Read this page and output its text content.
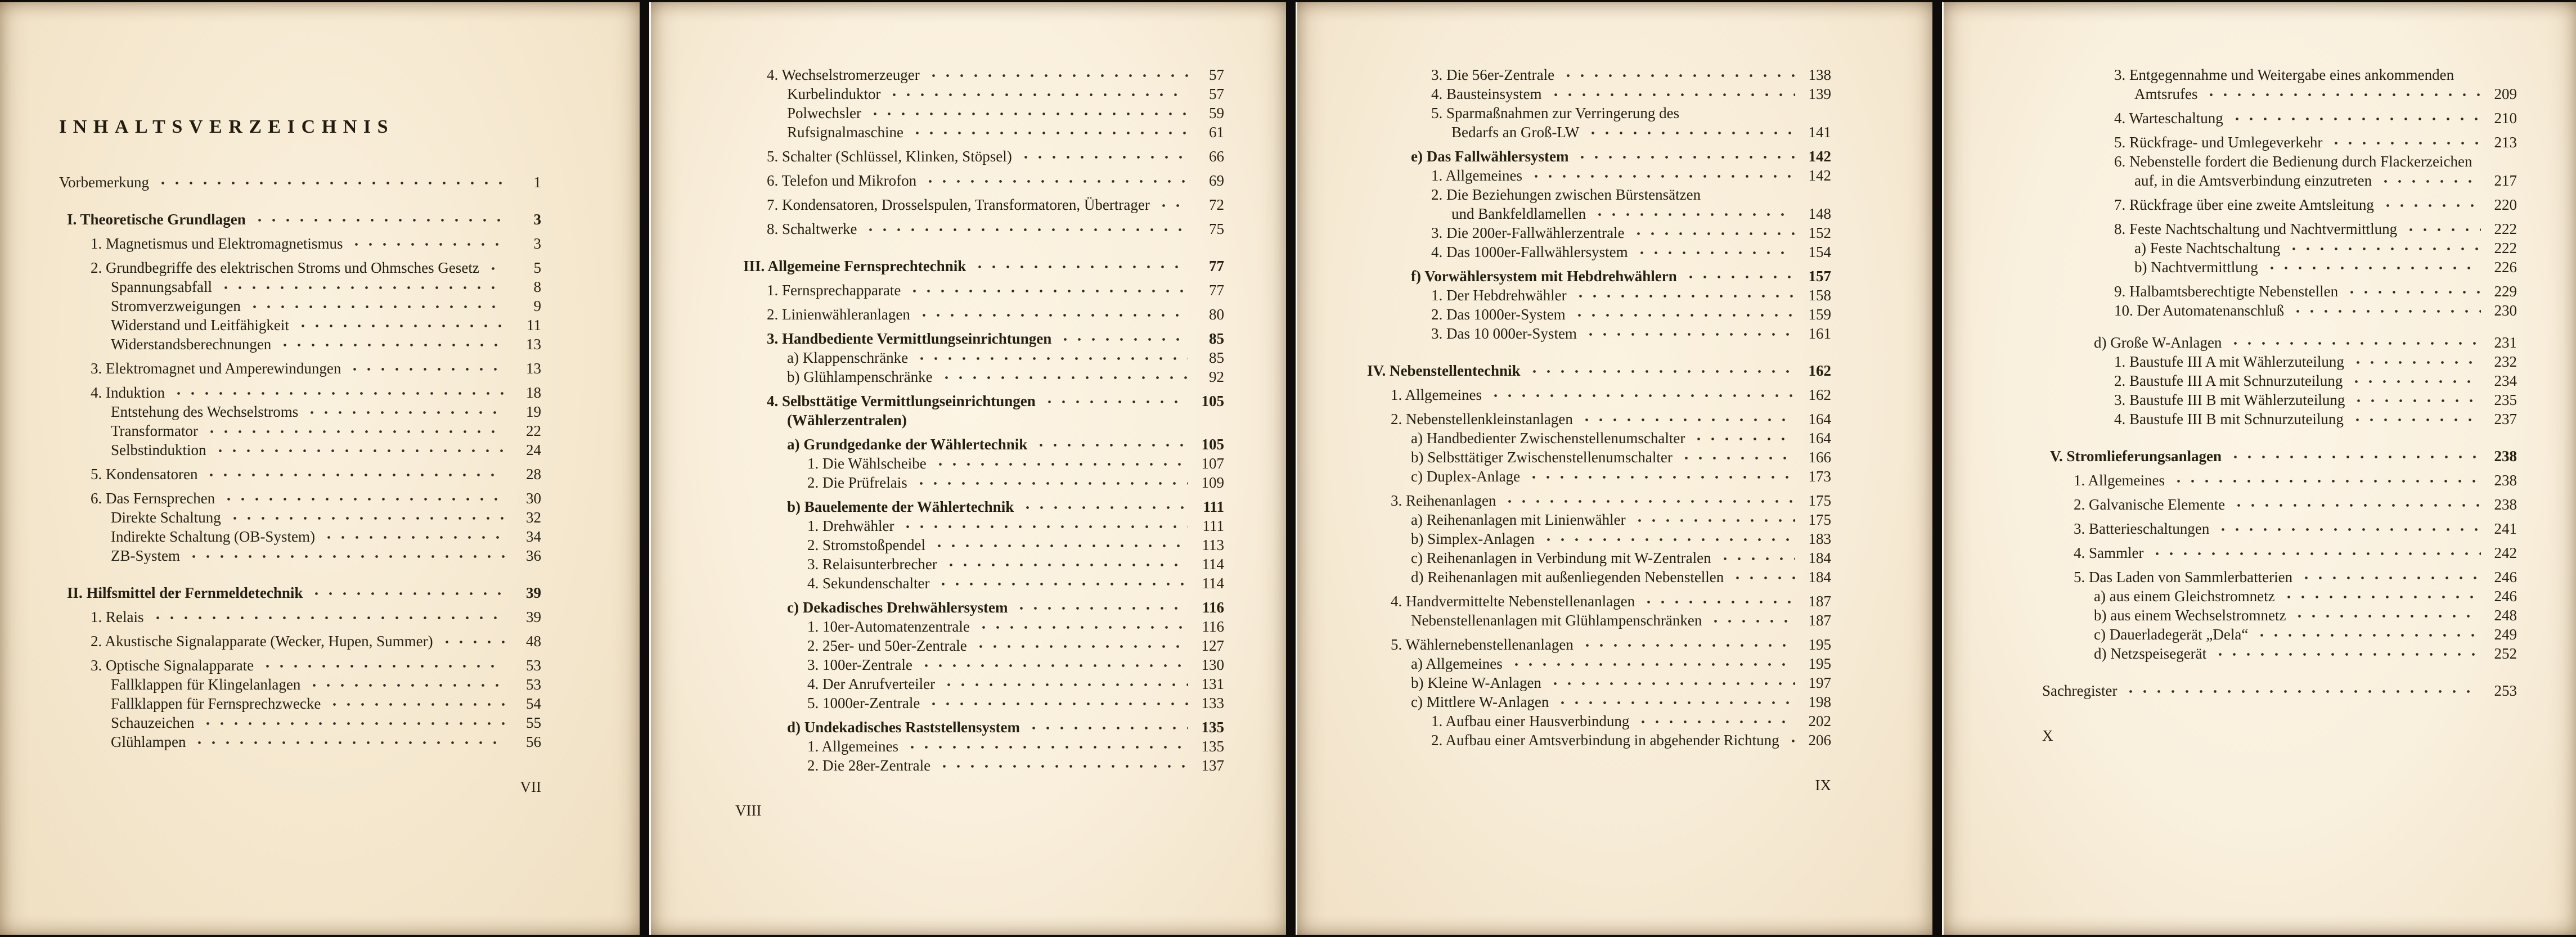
INHALTSVERZEICHNIS
Vorbemerkung	1
I. Theoretische Grundlagen	3
1. Magnetismus und Elektromagnetismus	3
2. Grundbegriffe des elektrischen Stroms und Ohmsches Gesetz	5
Spannungsabfall	8
Stromverzweigungen	9
Widerstand und Leitfähigkeit	11
Widerstandsberechnungen	13
3. Elektromagnet und Amperewindungen	13
4. Induktion	18
Entstehung des Wechselstroms	19
Transformator	22
Selbstinduktion	24
5. Kondensatoren	28
6. Das Fernsprechen	30
Direkte Schaltung	32
Indirekte Schaltung (OB-System)	34
ZB-System	36
II. Hilfsmittel der Fernmeldetechnik	39
1. Relais	39
2. Akustische Signalapparate (Wecker, Hupen, Summer)	48
3. Optische Signalapparate	53
Fallklappen für Klingelanlagen	53
Fallklappen für Fernsprechzwecke	54
Schauzeichen	55
Glühlampen	56
VII
4. Wechselstromerzeuger	57
Kurbelinduktor	57
Polwechsler	59
Rufsignalmaschine	61
5. Schalter (Schlüssel, Klinken, Stöpsel)	66
6. Telefon und Mikrofon	69
7. Kondensatoren, Drosselspulen, Transformatoren, Übertrager	72
8. Schaltwerke	75
III. Allgemeine Fernsprechtechnik	77
1. Fernsprechapparate	77
2. Linienwähleranlagen	80
3. Handbediente Vermittlungseinrichtungen	85
a) Klappenschränke	85
b) Glühlampenschränke	92
4. Selbsttätige Vermittlungseinrichtungen	105
(Wählerzentralen)
a) Grundgedanke der Wählertechnik	105
1. Die Wählscheibe	107
2. Die Prüfrelais	109
b) Bauelemente der Wählertechnik	111
1. Drehwähler	111
2. Stromstoßpendel	113
3. Relaisunterbrecher	114
4. Sekundenschalter	114
c) Dekadisches Drehwählersystem	116
1. 10er-Automatenzentrale	116
2. 25er- und 50er-Zentrale	127
3. 100er-Zentrale	130
4. Der Anrufverteiler	131
5. 1000er-Zentrale	133
d) Undekadisches Raststellensystem	135
1. Allgemeines	135
2. Die 28er-Zentrale	137
VIII
3. Die 56er-Zentrale	138
4. Bausteinsystem	139
5. Sparmaßnahmen zur Verringerung des
Bedarfs an Groß-LW	141
e) Das Fallwählersystem	142
1. Allgemeines	142
2. Die Beziehungen zwischen Bürstensätzen
und Bankfeldlamellen	148
3. Die 200er-Fallwählerzentrale	152
4. Das 1000er-Fallwählersystem	154
f) Vorwählersystem mit Hebdrehwählern	157
1. Der Hebdrehwähler	158
2. Das 1000er-System	159
3. Das 10 000er-System	161
IV. Nebenstellentechnik	162
1. Allgemeines	162
2. Nebenstellenkleinstanlagen	164
a) Handbedienter Zwischenstellenumschalter	164
b) Selbsttätiger Zwischenstellenumschalter	166
c) Duplex-Anlage	173
3. Reihenanlagen	175
a) Reihenanlagen mit Linienwähler	175
b) Simplex-Anlagen	183
c) Reihenanlagen in Verbindung mit W-Zentralen	184
d) Reihenanlagen mit außenliegenden Nebenstellen	184
4. Handvermittelte Nebenstellenanlagen	187
Nebenstellenanlagen mit Glühlampenschränken	187
5. Wählernebenstellenanlagen	195
a) Allgemeines	195
b) Kleine W-Anlagen	197
c) Mittlere W-Anlagen	198
1. Aufbau einer Hausverbindung	202
2. Aufbau einer Amtsverbindung in abgehender Richtung	206
IX
3. Entgegennahme und Weitergabe eines ankommenden
Amtsrufes	209
4. Warteschaltung	210
5. Rückfrage- und Umlegeverkehr	213
6. Nebenstelle fordert die Bedienung durch Flackerzeichen
auf, in die Amtsverbindung einzutreten	217
7. Rückfrage über eine zweite Amtsleitung	220
8. Feste Nachtschaltung und Nachtvermittlung	222
a) Feste Nachtschaltung	222
b) Nachtvermittlung	226
9. Halbamtsberechtigte Nebenstellen	229
10. Der Automatenanschluß	230
d) Große W-Anlagen	231
1. Baustufe III A mit Wählerzuteilung	232
2. Baustufe III A mit Schnurzuteilung	234
3. Baustufe III B mit Wählerzuteilung	235
4. Baustufe III B mit Schnurzuteilung	237
V. Stromlieferungsanlagen	238
1. Allgemeines	238
2. Galvanische Elemente	238
3. Batterieschaltungen	241
4. Sammler	242
5. Das Laden von Sammlerbatterien	246
a) aus einem Gleichstromnetz	246
b) aus einem Wechselstromnetz	248
c) Dauerladegerät „Dela“	249
d) Netzspeisegerät	252
Sachregister	253
X
